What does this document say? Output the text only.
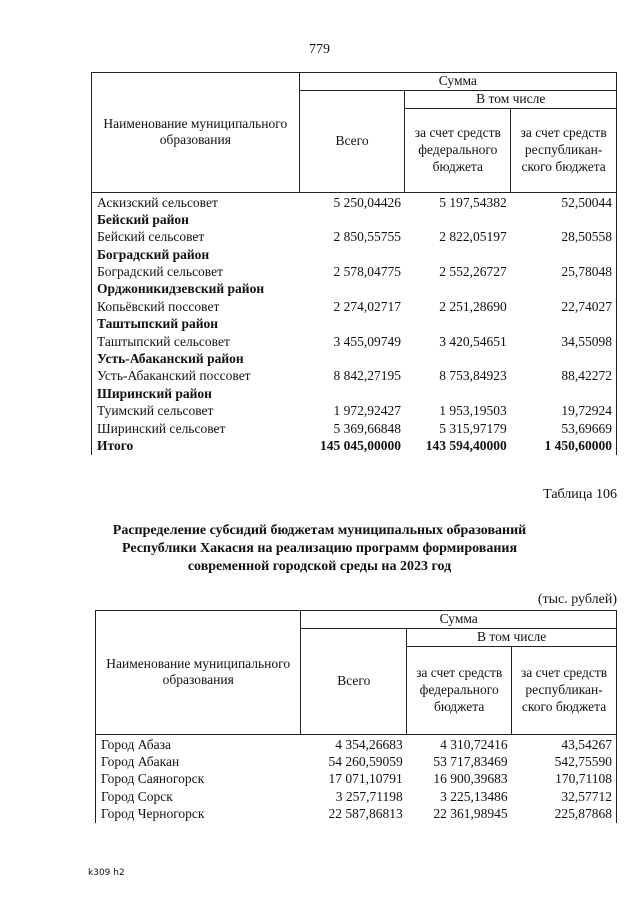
779
Наименование муниципального образования	Сумма		
	Всего	В том числе	
		за счет средств федерального бюджета	за счет средств республикан-ского бюджета
Аскизский сельсовет	5 250,04426	5 197,54382	52,50044
Бейский район			
Бейский сельсовет	2 850,55755	2 822,05197	28,50558
Боградский район			
Боградский сельсовет	2 578,04775	2 552,26727	25,78048
Орджоникидзевский район			
Копьёвский поссовет	2 274,02717	2 251,28690	22,74027
Таштыпский район			
Таштыпский сельсовет	3 455,09749	3 420,54651	34,55098
Усть-Абаканский район			
Усть-Абаканский поссовет	8 842,27195	8 753,84923	88,42272
Ширинский район			
Туимский сельсовет	1 972,92427	1 953,19503	19,72924
Ширинский сельсовет	5 369,66848	5 315,97179	53,69669
Итого	145 045,00000	143 594,40000	1 450,60000
Таблица 106
Распределение субсидий бюджетам муниципальных образований
Республики Хакасия на реализацию программ формирования
современной городской среды на 2023 год
(тыс. рублей)
Наименование муниципального образования	Сумма		
	Всего	В том числе	
		за счет средств федерального бюджета	за счет средств республикан-ского бюджета
Город Абаза	4 354,26683	4 310,72416	43,54267
Город Абакан	54 260,59059	53 717,83469	542,75590
Город Саяногорск	17 071,10791	16 900,39683	170,71108
Город Сорск	3 257,71198	3 225,13486	32,57712
Город Черногорск	22 587,86813	22 361,98945	225,87868
k309 h2
